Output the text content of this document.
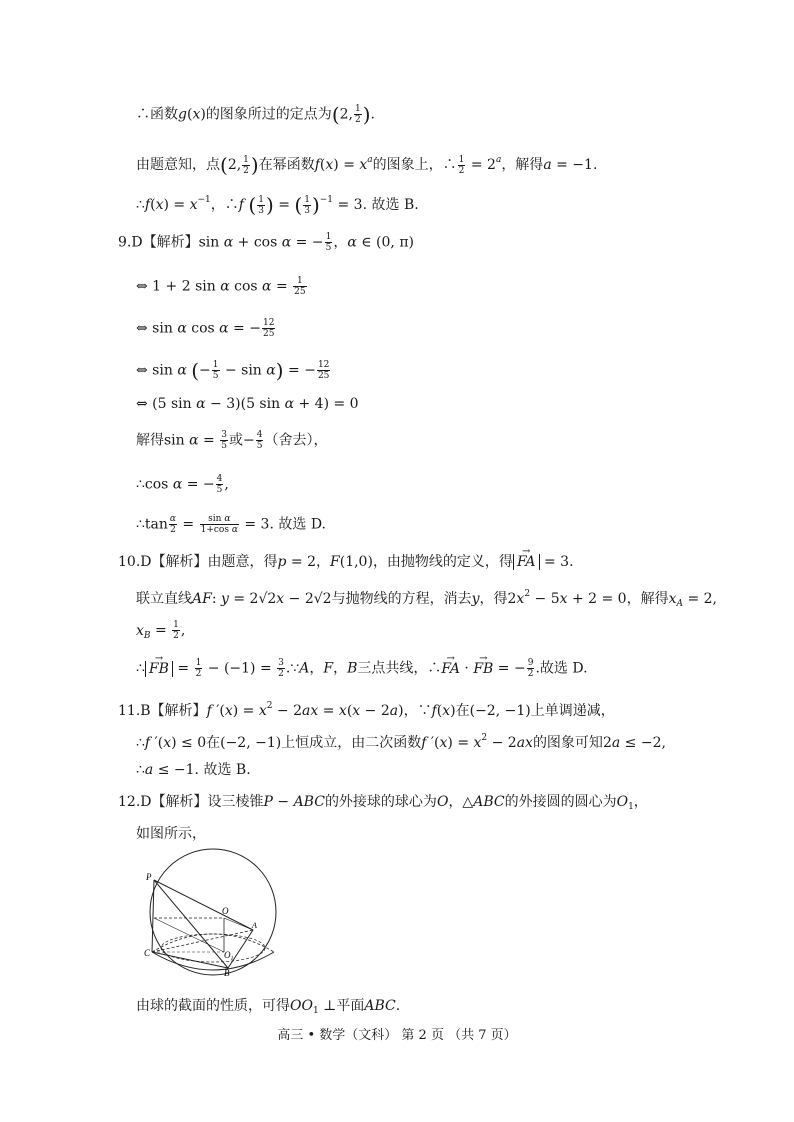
∴函数g(x)的图象所过的定点为(2, $\frac{1}{2}$ ).
由题意知，点(2, $\frac{1}{2}$ )在幂函数$f(x) = x^a$的图象上，∴ $\frac{1}{2} = 2^a$，解得a = −1.
∴f(x) = $x^{-1}$，∴f ( $\frac{1}{3}$ ) = ( $\frac{1}{3} )^{-1} = 3$. 故选 B.
9.D【解析】sin α + cos α = − $\frac{1}{5}$ ，α ∈ (0, π)
⇔ 1 + 2 sin α $\cos \alpha = \frac{1}{25}$
⇔ sin α cos α = − $\frac{12}{25}$
⇔ sin α (− $\frac{1}{5} - \sin \alpha$) = − $\frac{12}{25}$
⇔ (5 sin α − 3)(5 sin α + 4) = 0
解得$\sin \alpha = \frac{3}{5}$ 或− $\frac{4}{5}$ （舍去），
∴cos α = − $\frac{4}{5}$ ,
∴tan $\frac{\alpha}{2} = \frac{\text{sin α}}{\text{1+cos α}} = 3$. 故选 D.
10.D【解析】由题意，得p = 2，F(1,0)，由抛物线的定义，得 → FA = 3.
联立直线AF: y = 2√2x − 2√2与抛物线的方程，消去y，得$2x^2 - 5x + 2 = 0$，解得$x_A = 2$,
$x_B = \frac{1}{2}$ ,
∴ → FB = $\frac{1}{2} - (-1) = \frac{3}{2}$ .∵A，F，B三点共线，∴→ FA · → FB = − $\frac{9}{2}$ .故选 D.
11.B【解析】f $'(x) = x^2 - 2ax = x(x - 2a)$，∵f(x)在(−2, −1)上单调递减，
∴f ′(x) ≤ 0在(−2, −1)上恒成立，由二次函数f $'(x) = x^2 - 2ax$的图象可知2a ≤ −2,
∴a ≤ −1. 故选 B.
12.D【解析】设三棱锥P − ABC的外接球的球心为O，△ABC的外接圆的圆心为$O_1$，
如图所示，
P
O
A
$O_1$
C
B
由球的截面的性质，可得$OO_1$ ⊥平面ABC.
高三 • 数学（文科） 第 2 页 （共 7 页）
